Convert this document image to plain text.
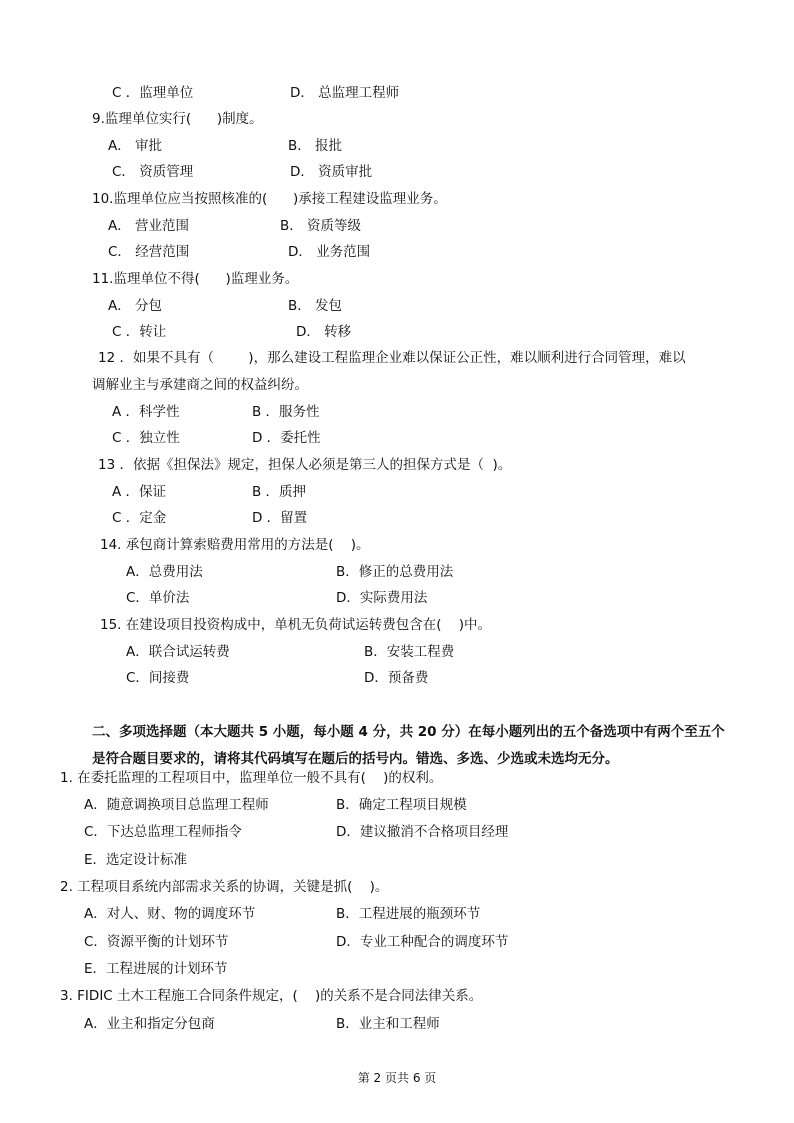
C ．监理单位	D． 总监理工程师
9.监理单位实行(      )制度。
A． 审批	B． 报批
C． 资质管理	D． 资质审批
10.监理单位应当按照核准的(      )承接工程建设监理业务。
A． 营业范围	B． 资质等级
C． 经营范围	D． 业务范围
11.监理单位不得(      )监理业务。
A． 分包	B． 发包
C ．转让	D． 转移
12 ．如果不具有（        )，那么建设工程监理企业难以保证公正性，难以顺利进行合同管理，难以
调解业主与承建商之间的权益纠纷。
A ．科学性	B ．服务性
C ．独立性	D ．委托性
13 ．依据《担保法》规定，担保人必须是第三人的担保方式是（  )。
A ．保证	B ．质押
C ．定金	D ．留置
14. 承包商计算索赔费用常用的方法是(    )。
A．总费用法	B．修正的总费用法
C．单价法	D．实际费用法
15. 在建设项目投资构成中，单机无负荷试运转费包含在(    )中。
A．联合试运转费	B．安装工程费
C．间接费	D．预备费
二、多项选择题（本大题共 5 小题，每小题 4 分，共 20 分）在每小题列出的五个备选项中有两个至五个
是符合题目要求的，请将其代码填写在题后的括号内。错选、多选、少选或未选均无分。
1. 在委托监理的工程项目中，监理单位一般不具有(    )的权利。
A．随意调换项目总监理工程师	B．确定工程项目规模
C．下达总监理工程师指令	D．建议撤消不合格项目经理
E．选定设计标准
2. 工程项目系统内部需求关系的协调，关键是抓(    )。
A．对人、财、物的调度环节	B．工程进展的瓶颈环节
C．资源平衡的计划环节	D．专业工种配合的调度环节
E．工程进展的计划环节
3. FIDIC 土木工程施工合同条件规定，(    )的关系不是合同法律关系。
A．业主和指定分包商	B．业主和工程师
第 2 页共 6 页
